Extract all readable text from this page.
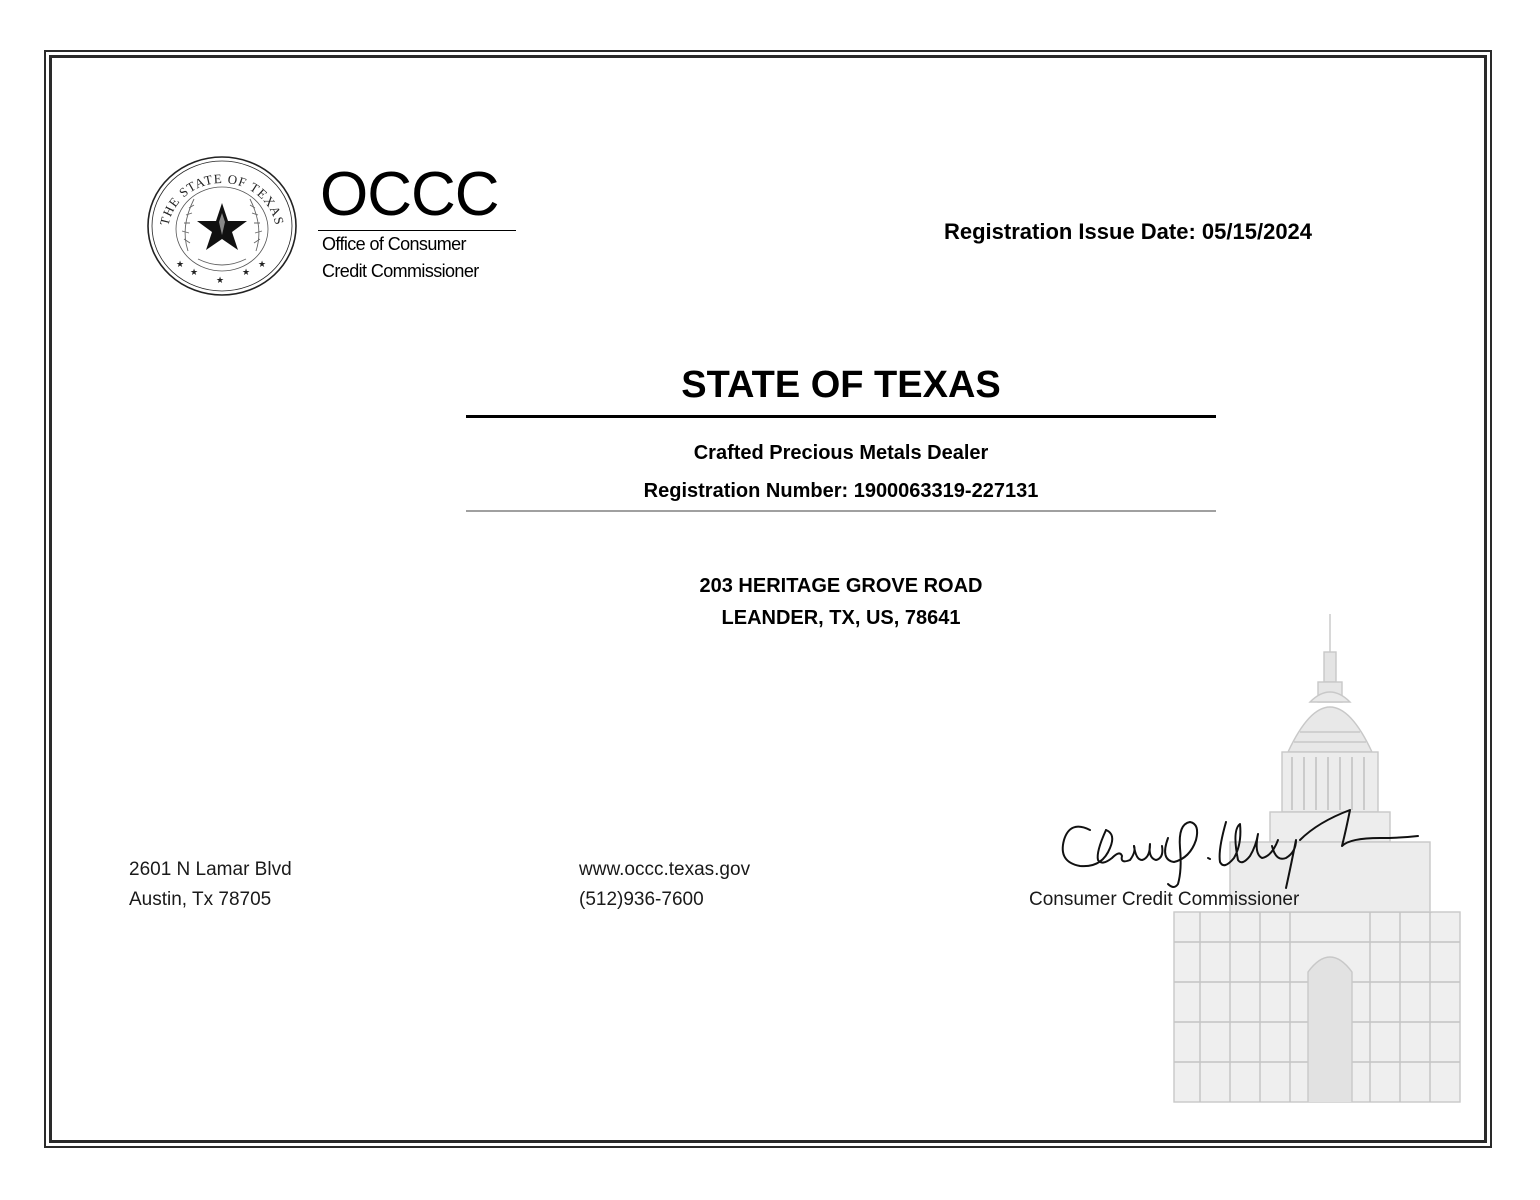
THE STATE OF TEXAS
★
★
★
★
★
OCCC
Office of Consumer
Credit Commissioner
Registration Issue Date: 05/15/2024
STATE OF TEXAS
Crafted Precious Metals Dealer
Registration Number: 1900063319-227131
203 HERITAGE GROVE ROAD
LEANDER, TX, US, 78641
2601 N Lamar Blvd
Austin, Tx 78705
www.occc.texas.gov
(512)936-7600	Consumer Credit Commissioner
